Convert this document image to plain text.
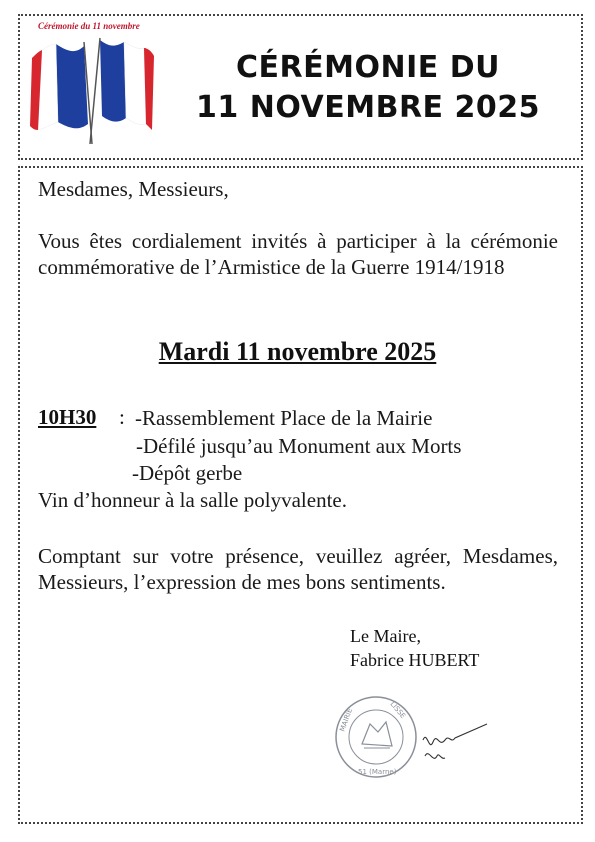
Cérémonie du 11 novembre
CÉRÉMONIE DU
11 NOVEMBRE 2025
Mesdames, Messieurs,
Vous êtes cordialement invités à participer à la cérémonie commémorative de l’Armistice de la Guerre 1914/1918
Mardi 11 novembre 2025
10H30 : -Rassemblement Place de la Mairie
-Défilé jusqu’au Monument aux Morts
-Dépôt gerbe
Vin d’honneur à la salle polyvalente.
Comptant sur votre présence, veuillez agréer, Mesdames, Messieurs, l’expression de mes bons sentiments.
Le Maire,
Fabrice HUBERT
MAIRIE	LISSE
51 (Marne)
